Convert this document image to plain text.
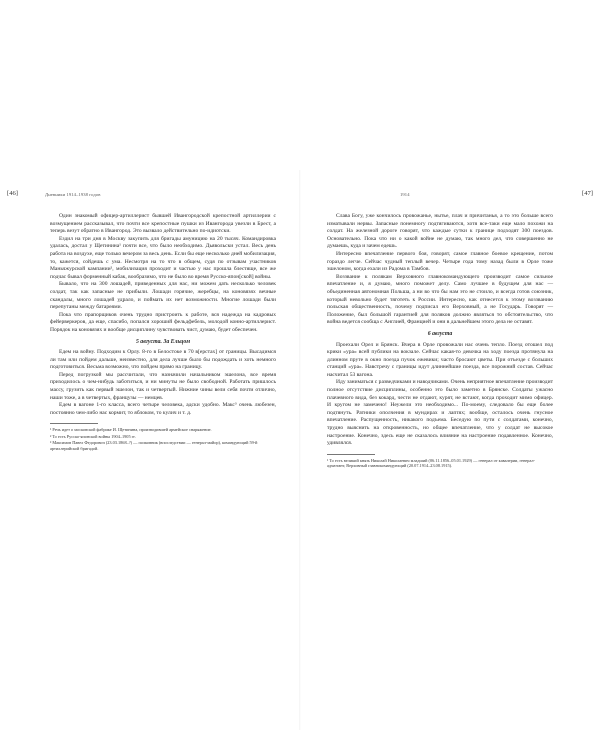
[46]	Дневники 1914–1938 годов	1914	[47]

Один знакомый офицер-артиллерист бывшей Ивангородской крепостной артиллерии с возмущением рассказывал, что почти все крепостные пушки из Ивангорода увезли в Брест, а теперь везут обратно в Ивангород. Это вызвало действительно по-идиотски.

Ездил на три дня в Москву закупить для бригады амуницию на 20 тысяч. Командировка удалась, достал у Щетинина¹ почти все, что было необходимо. Дьявольски устал. Весь день работа на воздухе, еще только вечером за весь день. Если бы еще несколько дней мобилизация, то, кажется, сойдешь с ума. Несмотря на то что в общем, судя по отзывам участников Маньчжурской кампании², мобилизация проходит и частью у нас прошла блестяще, все же подчас бывал форменный кабак, вообразимо, что не было во время Русско-япон[ской] войны.

Бывало, что на 300 лошадей, приведенных для нас, ни можем дать несколько человек солдат, так как запасные не прибыли. Лошади горячие, жеребцы, на коновязях вечные скандалы, много лошадей удрало, и поймать их нет возможности. Многие лошади были перепутаны между батареями.

Пока что прапорщиков очень трудно пристроить к работе, вся надежда на кадровых фейерверкеров, да еще, спасибо, попался хороший фельдфебель, молодой конно-артиллерист. Порядок на коновязях и вообще дисциплину чувствовать чист, думаю, будет обеспечен.

5 августа. За Ельцом

Едем на войну. Подходим к Орлу. 8-го в Белостоке в 70 в[ерстах] от границы. Высадимся ли там или пойдем дальше, неизвестно, для дела лучше было бы подождать и хоть немного подготовиться. Весьма возможно, что пойдем прямо на границу.

Перед погрузкой мы рассчитали, что назначили начальником эшелона, все время приходилось о чем-нибудь заботиться, и ни минуты не было свободной. Работать пришлось массу, грузить как первый эшелон, так и четвертый. Нижние чины вели себя почти отлично, наши тоже, а в четвертых, французы — немцев.

Едем в вагоне 1-го класса, всего четыре человека, адски удобно. Макс³ очень любезен, постоянно чем-либо нас кормит, то яблоком, то кулич и т. д.

¹ Речь идет о московской фабрике И. Щетинина, производившей армейское снаряжение.

² То есть Русско-японской войны 1904–1905 гг.

³ Максимов Павел Федорович (23.03.1868–?) — полковник (впоследствии — генерал-майор), командующий 59-й артиллерийской бригадой.

Слава Богу, уже кончилось провожанье, нытье, плач и причитанья, а то это больше всего изматывали нервы. Запасные понемногу подтягиваются, хотя все-таки еще мало похожи на солдат. На железной дороге говорят, что каждые сутки к границе подходят 300 поездов. Основательно. Пока что ни о какой войне не думаю, так много дел, что совершенно не думаешь, куда и зачем едешь.

Интересно впечатление первого боя, говорят, самое главное боевое крещение, потом гораздо легче. Сейчас чудный теплый вечер. Четыре года тому назад были в Орле тоже эшелоном, когда ехали из Радома в Тамбов.

Воззвание к полякам Верховного главнокомандующего производит самое сильное впечатление и, я думаю, много поможет делу. Само лучшее в будущем для нас — объединенная автономная Польша, а ни во что бы нам это не стоило, и всегда готов союзник, который невольно будет тяготеть к России. Интересно, как отнесется к этому воззванию польская общественность, почему подписал его Верховный, а не Государь. Говорят — Положение, был большой гарантией для поляков должно являться то обстоятельство, что война ведется сообща с Англией, Францией и они в дальнейшем этого дела не оставят.

6 августа

Проехали Орел и Брянск. Вчера в Орле провожали нас очень тепло. Поезд отошел под крики «ура» всей публики на вокзале. Сейчас какая-то девочка на ходу поезда протянула на длинном пруте в окно поезда пучок ежевики; часто бросают цветы. При отъезде с больших станций «ура». Навстречу с границы идут длиннейшие поезда, все порожний состав. Сейчас насчитал 53 вагона.

Иду заниматься с разведчиками и наводчиками. Очень неприятное впечатление производит полное отсутствие дисциплины, особенно это было заметно в Брянске. Солдаты ужасно плачевного вида, без кокард, чести не отдают, курят, не встают, когда проходит мимо офицер. И кругом не замечено! Неужели это необходимо... По-моему, следовало бы еще более подтянуть. Ратники ополчения в мундирах и лаптях; вообще, осталось очень гнусное впечатление. Распущенность, никакого подъема. Беседую по пути с солдатами, конечно, трудно выяснить на откровенность, но общее впечатление, что у солдат не высокое настроение. Конечно, здесь еще не сказалось влияние на настроение подавленное. Конечно, удивлялся.

¹ То есть великий князь Николай Николаевич младший (06.11.1856–05.01.1929) — генерал от кавалерии, генерал-адъютант, Верховный главнокомандующий (20.07.1914–23.08.1915).
